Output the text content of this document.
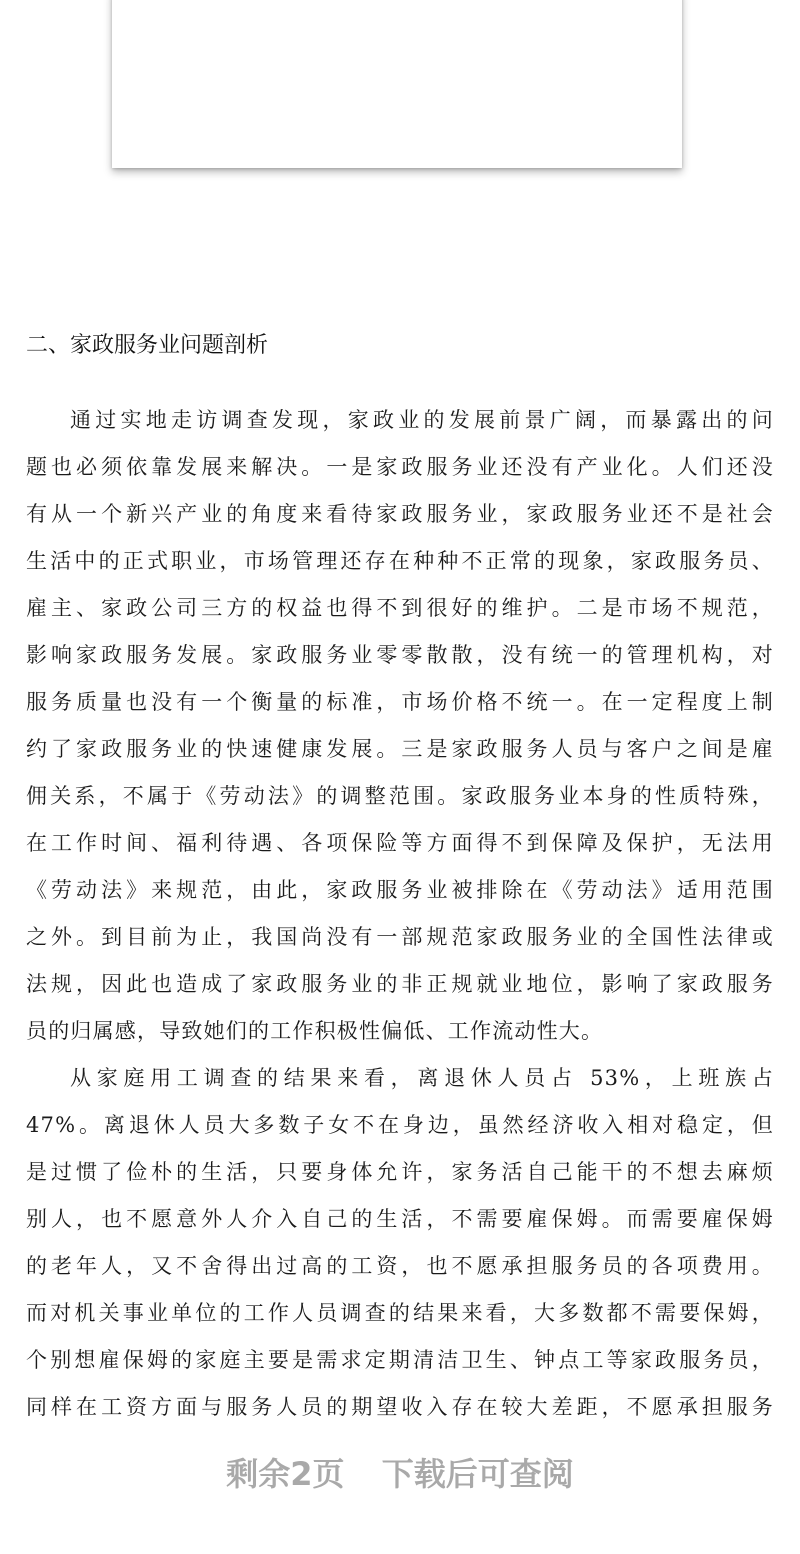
二、家政服务业问题剖析
通过实地走访调查发现，家政业的发展前景广阔，而暴露出的问
题也必须依靠发展来解决。一是家政服务业还没有产业化。人们还没
有从一个新兴产业的角度来看待家政服务业，家政服务业还不是社会
生活中的正式职业，市场管理还存在种种不正常的现象，家政服务员、
雇主、家政公司三方的权益也得不到很好的维护。二是市场不规范，
影响家政服务发展。家政服务业零零散散，没有统一的管理机构，对
服务质量也没有一个衡量的标准，市场价格不统一。在一定程度上制
约了家政服务业的快速健康发展。三是家政服务人员与客户之间是雇
佣关系，不属于《劳动法》的调整范围。家政服务业本身的性质特殊，
在工作时间、福利待遇、各项保险等方面得不到保障及保护，无法用
《劳动法》来规范，由此，家政服务业被排除在《劳动法》适用范围
之外。到目前为止，我国尚没有一部规范家政服务业的全国性法律或
法规，因此也造成了家政服务业的非正规就业地位，影响了家政服务
员的归属感，导致她们的工作积极性偏低、工作流动性大。
从家庭用工调查的结果来看，离退休人员占 53%，上班族占
47%。离退休人员大多数子女不在身边，虽然经济收入相对稳定，但
是过惯了俭朴的生活，只要身体允许，家务活自己能干的不想去麻烦
别人，也不愿意外人介入自己的生活，不需要雇保姆。而需要雇保姆
的老年人，又不舍得出过高的工资，也不愿承担服务员的各项费用。
而对机关事业单位的工作人员调查的结果来看，大多数都不需要保姆，
个别想雇保姆的家庭主要是需求定期清洁卫生、钟点工等家政服务员，
同样在工资方面与服务人员的期望收入存在较大差距，不愿承担服务
剩余2页 下载后可查阅
